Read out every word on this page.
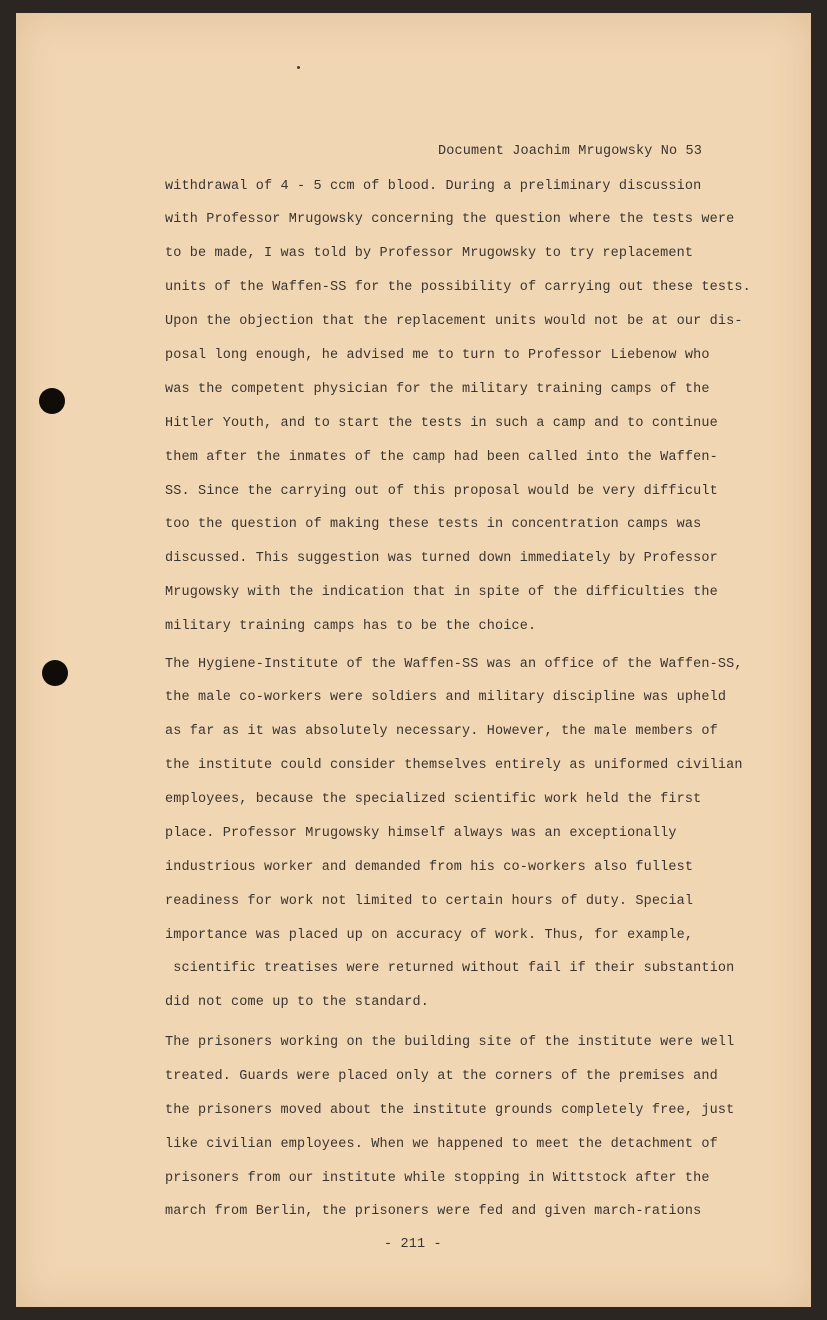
Document Joachim Mrugowsky No 53
withdrawal of 4 - 5 ccm of blood. During a preliminary discussion
with Professor Mrugowsky concerning the question where the tests were
to be made, I was told by Professor Mrugowsky to try replacement
units of the Waffen-SS for the possibility of carrying out these tests.
Upon the objection that the replacement units would not be at our dis-
posal long enough, he advised me to turn to Professor Liebenow who
was the competent physician for the military training camps of the
Hitler Youth, and to start the tests in such a camp and to continue
them after the inmates of the camp had been called into the Waffen-
SS. Since the carrying out of this proposal would be very difficult
too the question of making these tests in concentration camps was
discussed. This suggestion was turned down immediately by Professor
Mrugowsky with the indication that in spite of the difficulties the
military training camps has to be the choice.
The Hygiene-Institute of the Waffen-SS was an office of the Waffen-SS,
the male co-workers were soldiers and military discipline was upheld
as far as it was absolutely necessary. However, the male members of
the institute could consider themselves entirely as uniformed civilian
employees, because the specialized scientific work held the first
place. Professor Mrugowsky himself always was an exceptionally
industrious worker and demanded from his co-workers also fullest
readiness for work not limited to certain hours of duty. Special
importance was placed up on accuracy of work. Thus, for example,
scientific treatises were returned without fail if their substantion
did not come up to the standard.
The prisoners working on the building site of the institute were well
treated. Guards were placed only at the corners of the premises and
the prisoners moved about the institute grounds completely free, just
like civilian employees. When we happened to meet the detachment of
prisoners from our institute while stopping in Wittstock after the
march from Berlin, the prisoners were fed and given march-rations
- 211 -
